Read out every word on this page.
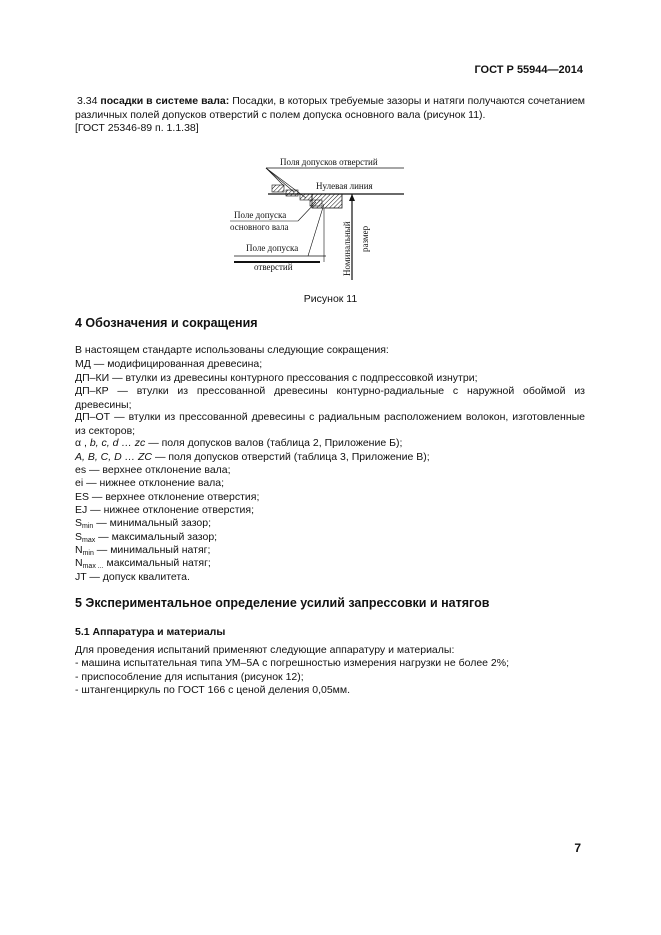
ГОСТ Р 55944—2014
3.34 посадки в системе вала: Посадки, в которых требуемые зазоры и натяги получаются сочетанием различных полей допусков отверстий с полем допуска основного вала (рисунок 11).
[ГОСТ 25346-89 п. 1.1.38]
Поля допусков отверстий
Нулевая линия
Поле допуска
основного вала
Поле допуска
отверстий	Номинальный размер
Рисунок 11
4 Обозначения и сокращения
В настоящем стандарте использованы следующие сокращения:
МД — модифицированная древесина;
ДП–КИ — втулки из древесины контурного прессования с подпрессовкой изнутри;
ДП–КР — втулки из прессованной древесины контурно-радиальные с наружной обоймой из древесины;
ДП–ОТ — втулки из прессованной древесины с радиальным расположением волокон, изготовленные из секторов;
α , b, c, d … zc — поля допусков валов (таблица 2, Приложение Б);
A, B, C, D … ZC — поля допусков отверстий (таблица 3, Приложение В);
es — верхнее отклонение вала;
ei — нижнее отклонение вала;
ES — верхнее отклонение отверстия;
EJ — нижнее отклонение отверстия;
$S_{min}$ — минимальный зазор;
$S_{max}$ — максимальный зазор;
$N_{min}$ — минимальный натяг;
$N_{max ...}$ максимальный натяг;
JT — допуск квалитета.
5 Экспериментальное определение усилий запрессовки и натягов
5.1 Аппаратура и материалы
Для проведения испытаний применяют следующие аппаратуру и материалы:
- машина испытательная типа УМ–5А с погрешностью измерения нагрузки не более 2%;
- приспособление для испытания (рисунок 12);
- штангенциркуль по ГОСТ 166 с ценой деления 0,05мм.
7
